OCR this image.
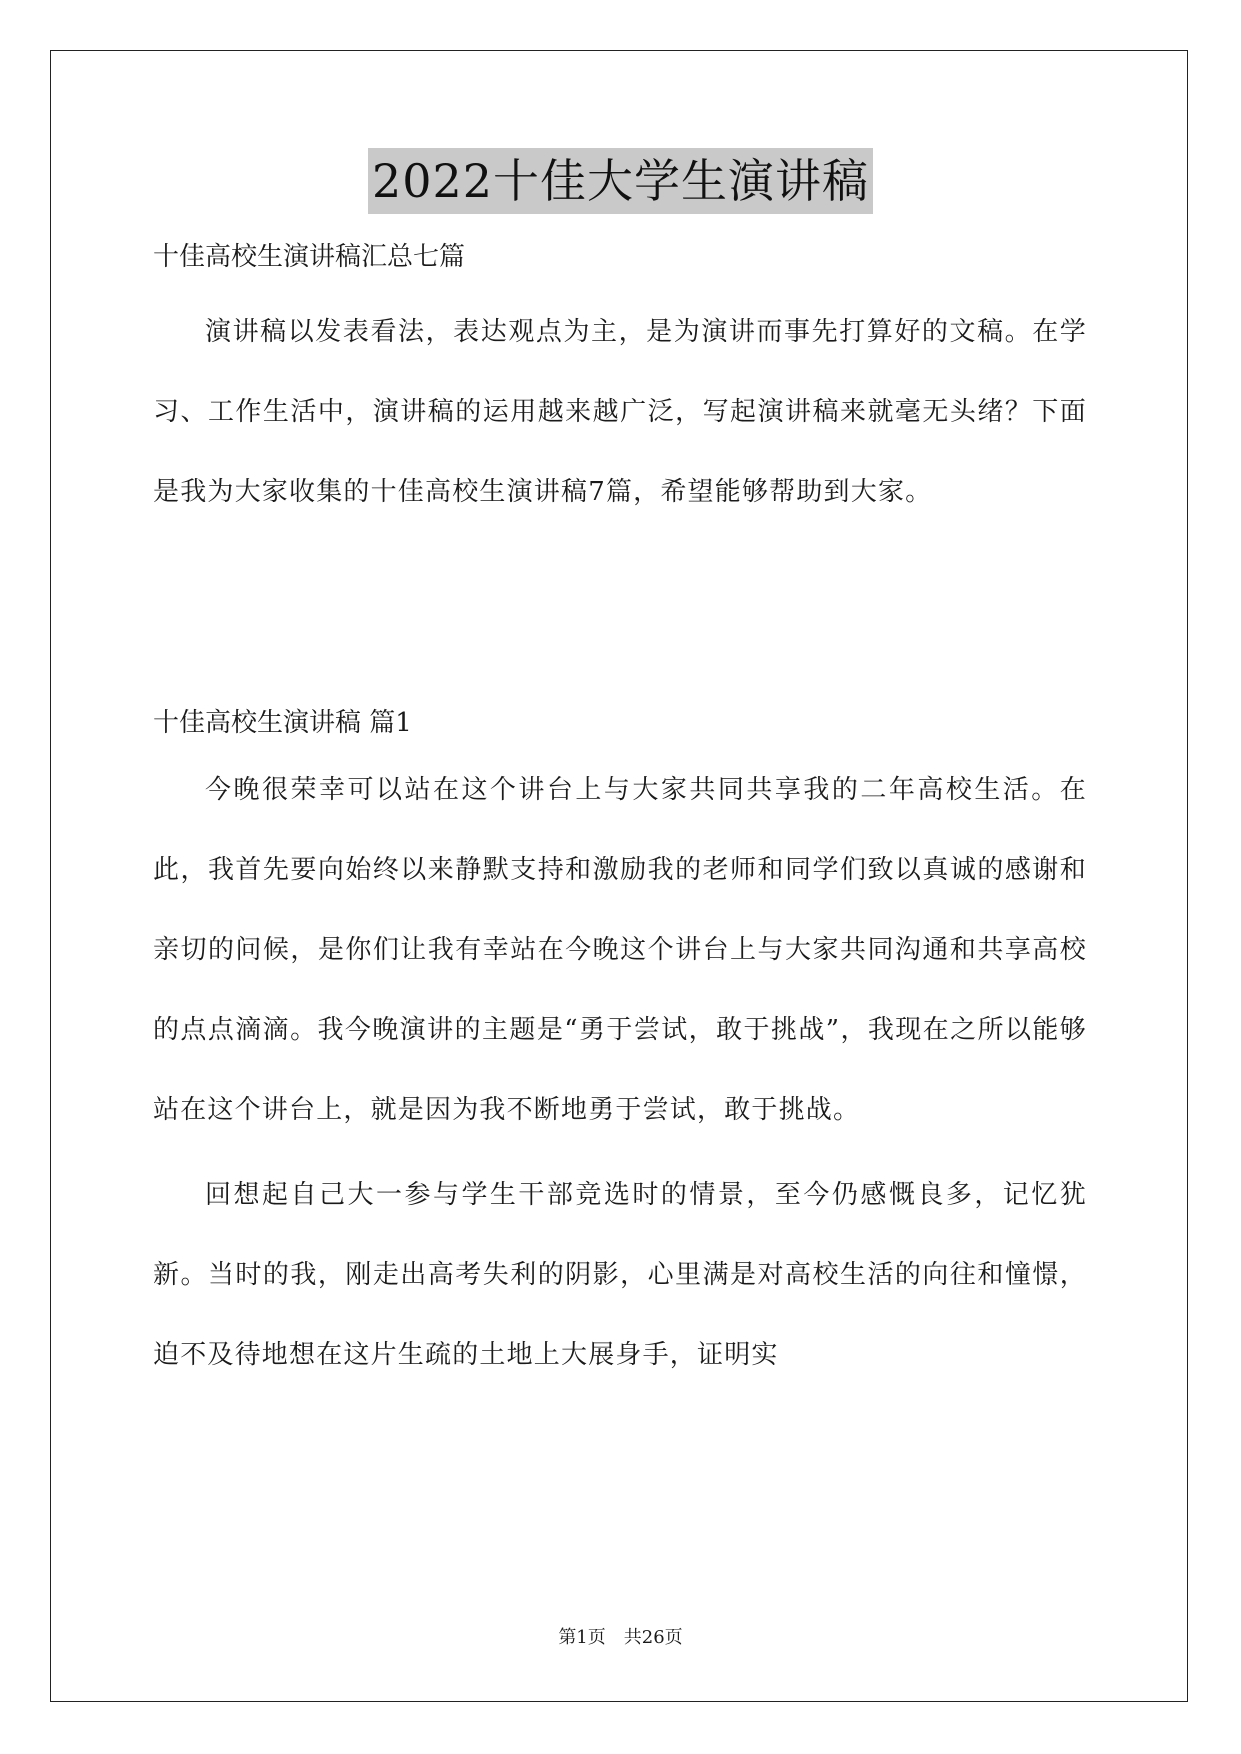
2022十佳大学生演讲稿
十佳高校生演讲稿汇总七篇

演讲稿以发表看法，表达观点为主，是为演讲而事先打算好的文稿。在学习、工作生活中，演讲稿的运用越来越广泛，写起演讲稿来就毫无头绪？下面是我为大家收集的十佳高校生演讲稿7篇，希望能够帮助到大家。

十佳高校生演讲稿 篇1

今晚很荣幸可以站在这个讲台上与大家共同共享我的二年高校生活。在此，我首先要向始终以来静默支持和激励我的老师和同学们致以真诚的感谢和亲切的问候，是你们让我有幸站在今晚这个讲台上与大家共同沟通和共享高校的点点滴滴。我今晚演讲的主题是“勇于尝试，敢于挑战”，我现在之所以能够站在这个讲台上，就是因为我不断地勇于尝试，敢于挑战。

回想起自己大一参与学生干部竞选时的情景，至今仍感慨良多，记忆犹新。当时的我，刚走出高考失利的阴影，心里满是对高校生活的向往和憧憬，迫不及待地想在这片生疏的土地上大展身手，证明实

第1页　共26页
